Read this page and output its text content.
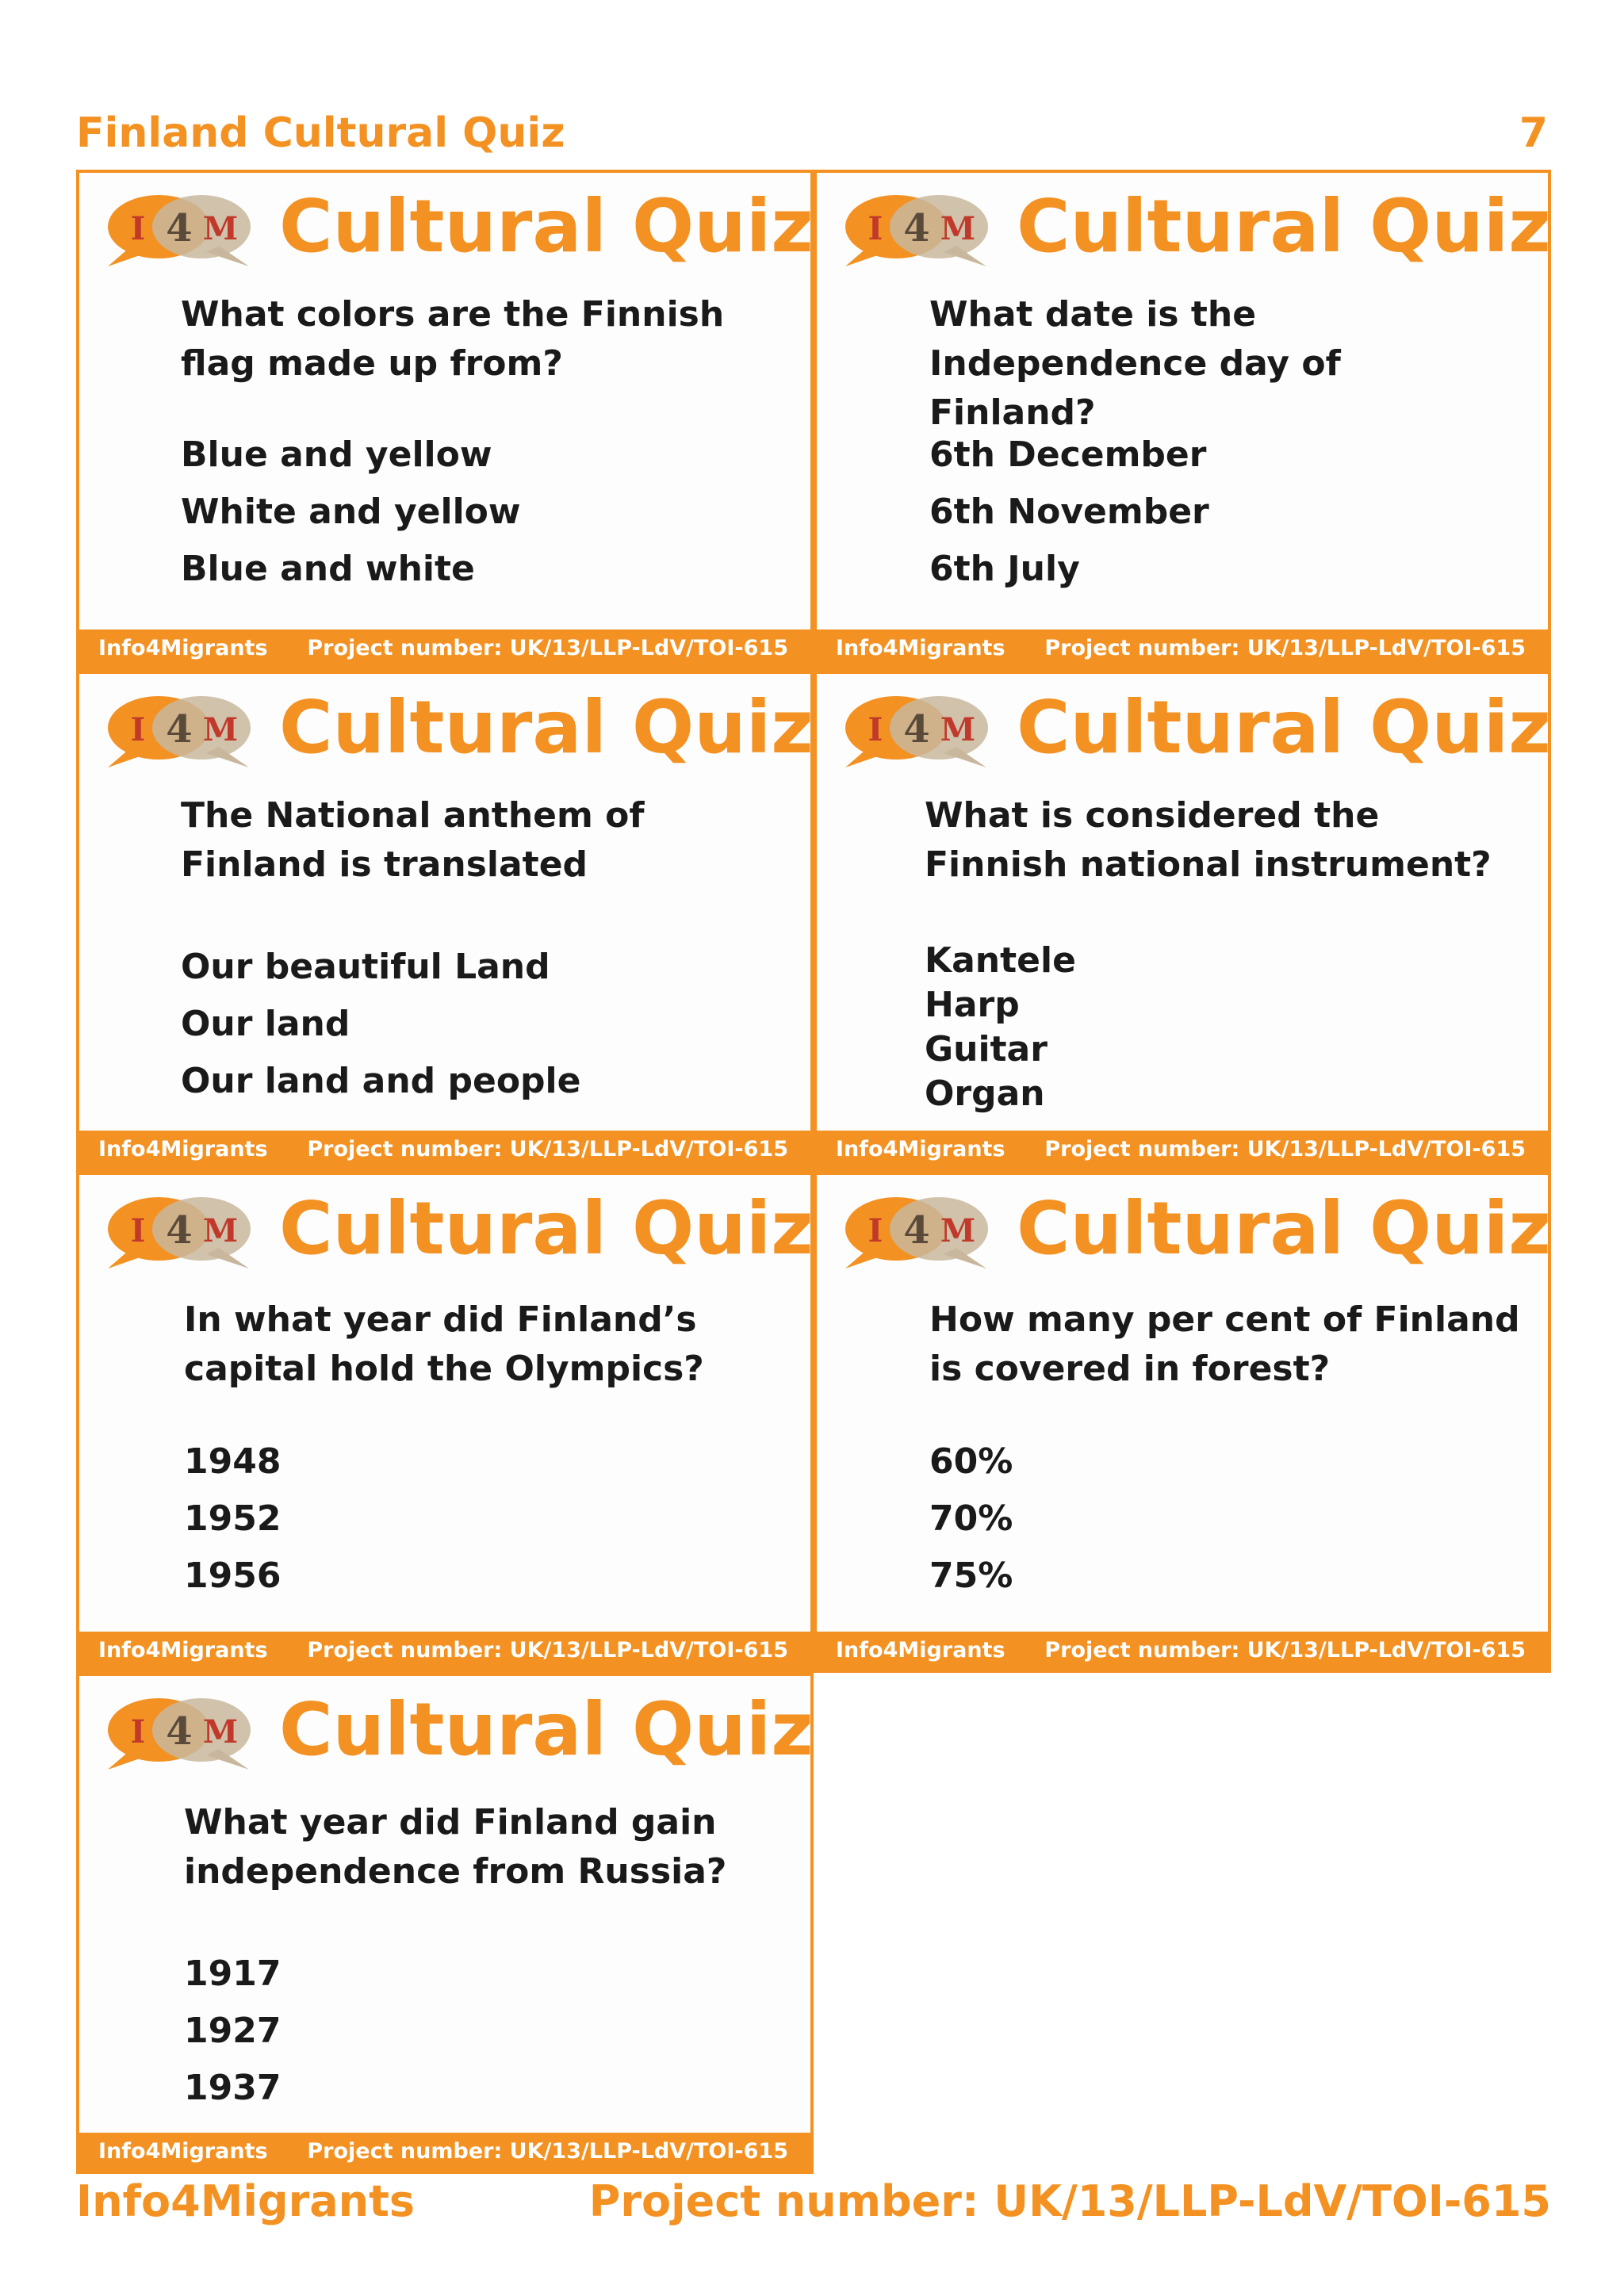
Finland Cultural Quiz	7
I 4 M Cultural Quiz
What colors are the Finnish flag made up from?
Blue and yellow
White and yellow
Blue and white
Info4Migrants Project number: UK/13/LLP-LdV/TOI-615
I 4 M Cultural Quiz
What date is the Independence day of Finland?
6th December
6th November
6th July
Info4Migrants Project number: UK/13/LLP-LdV/TOI-615
I 4 M Cultural Quiz
The National anthem of Finland is translated
Our beautiful Land
Our land
Our land and people
Info4Migrants Project number: UK/13/LLP-LdV/TOI-615
I 4 M Cultural Quiz
What is considered the Finnish national instrument?
Kantele
Harp
Guitar
Organ
Info4Migrants Project number: UK/13/LLP-LdV/TOI-615
I 4 M Cultural Quiz
In what year did Finland’s capital hold the Olympics?
1948
1952
1956
Info4Migrants Project number: UK/13/LLP-LdV/TOI-615
I 4 M Cultural Quiz
How many per cent of Finland is covered in forest?
60%
70%
75%
Info4Migrants Project number: UK/13/LLP-LdV/TOI-615
I 4 M Cultural Quiz
What year did Finland gain independence from Russia?
1917
1927
1937
Info4Migrants Project number: UK/13/LLP-LdV/TOI-615
Info4Migrants	Project number: UK/13/LLP-LdV/TOI-615
